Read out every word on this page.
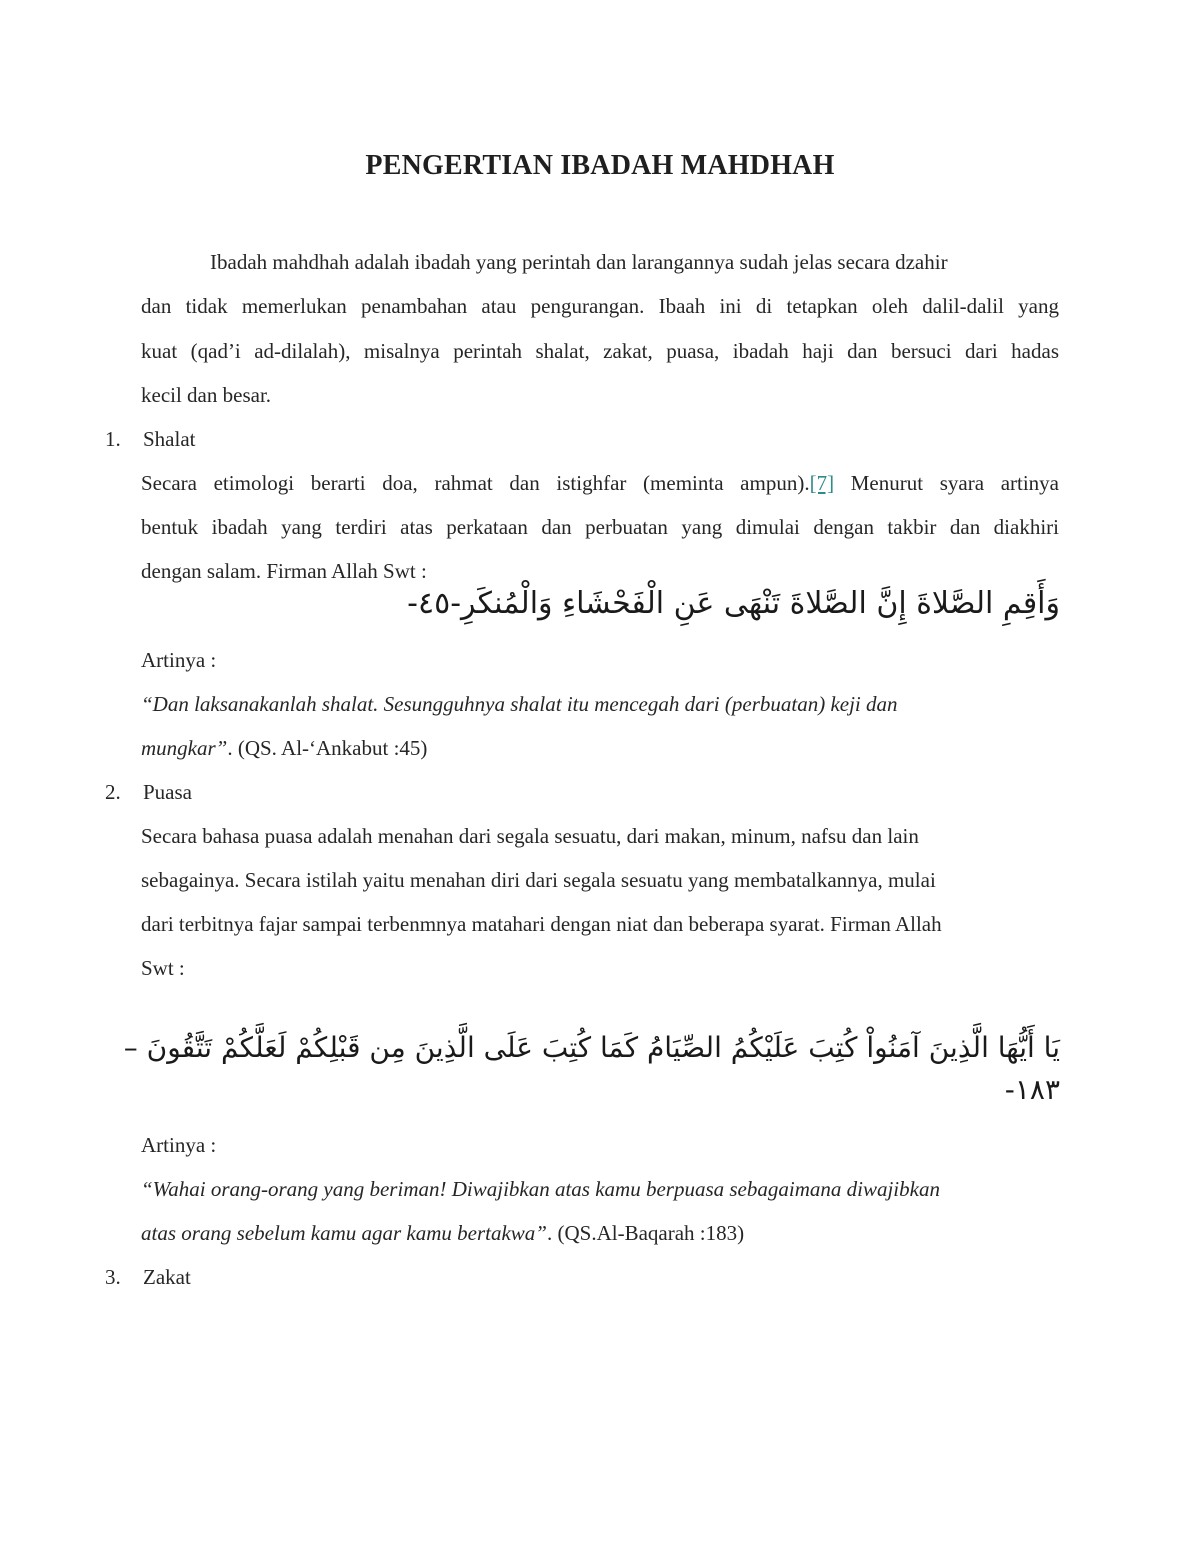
PENGERTIAN IBADAH MAHDHAH
Ibadah mahdhah adalah ibadah yang perintah dan larangannya sudah jelas secara dzahir
dan tidak memerlukan penambahan atau pengurangan. Ibaah ini di tetapkan oleh dalil-dalil yang
kuat (qad’i ad-dilalah), misalnya perintah shalat, zakat, puasa, ibadah haji dan bersuci dari hadas
kecil dan besar.
1. Shalat
Secara etimologi berarti doa, rahmat dan istighfar (meminta ampun).[7] Menurut syara artinya
bentuk ibadah yang terdiri atas perkataan dan perbuatan yang dimulai dengan takbir dan diakhiri
dengan salam. Firman Allah Swt :
وَأَقِمِ الصَّلاةَ إِنَّ الصَّلاةَ تَنْهَى عَنِ الْفَحْشَاءِ وَالْمُنكَرِ-٤٥-
Artinya :
“Dan laksanakanlah shalat. Sesungguhnya shalat itu mencegah dari (perbuatan) keji dan
mungkar”. (QS. Al-‘Ankabut :45)
2. Puasa
Secara bahasa puasa adalah menahan dari segala sesuatu, dari makan, minum, nafsu dan lain
sebagainya. Secara istilah yaitu menahan diri dari segala sesuatu yang membatalkannya, mulai
dari terbitnya fajar sampai terbenmnya matahari dengan niat dan beberapa syarat. Firman Allah
Swt :
يَا أَيُّهَا الَّذِينَ آمَنُواْ كُتِبَ عَلَيْكُمُ الصِّيَامُ كَمَا كُتِبَ عَلَى الَّذِينَ مِن قَبْلِكُمْ لَعَلَّكُمْ تَتَّقُونَ –
١٨٣-
Artinya :
“Wahai orang-orang yang beriman! Diwajibkan atas kamu berpuasa sebagaimana diwajibkan
atas orang sebelum kamu agar kamu bertakwa”. (QS.Al-Baqarah :183)
3. Zakat
